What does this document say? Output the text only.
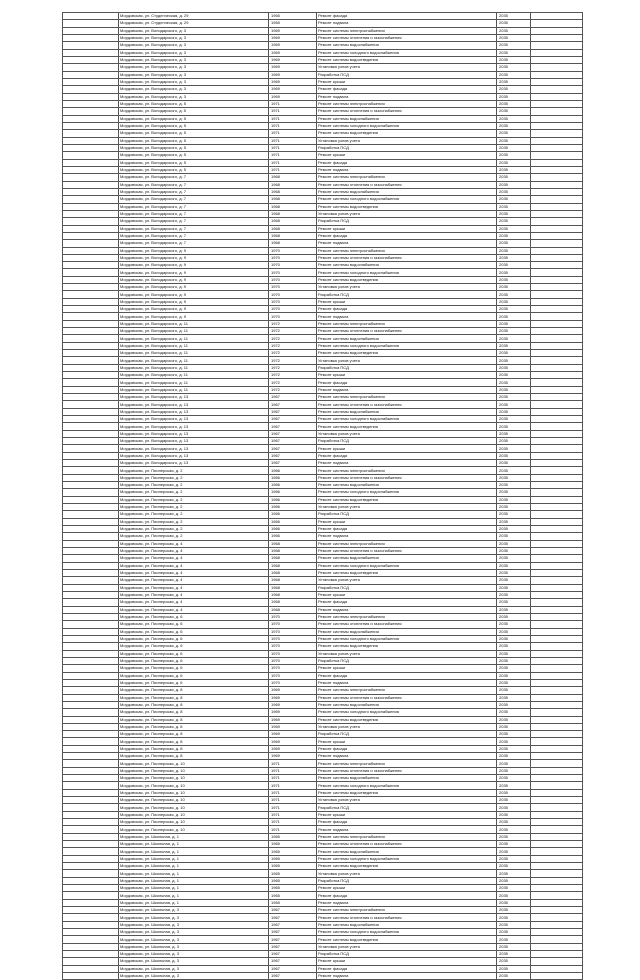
	Мордовская, ул. Студенческая, д. 29	1965	Ремонт фасада	2035	
	Мордовская, ул. Студенческая, д. 29	1965	Ремонт подвала	2035	
	Мордовская, ул. Володарского, д. 3	1969	Ремонт системы электроснабжения	2035	
	Мордовская, ул. Володарского, д. 3	1969	Ремонт системы отопления и газоснабжения	2035	
	Мордовская, ул. Володарского, д. 3	1969	Ремонт системы водоснабжения	2035	
	Мордовская, ул. Володарского, д. 3	1969	Ремонт системы холодного водоснабжения	2035	
	Мордовская, ул. Володарского, д. 3	1969	Ремонт системы водоотведения	2035	
	Мордовская, ул. Володарского, д. 3	1969	Установка узлов учета	2035	
	Мордовская, ул. Володарского, д. 3	1969	Разработка ПСД	2035	
	Мордовская, ул. Володарского, д. 3	1969	Ремонт крыши	2035	
	Мордовская, ул. Володарского, д. 3	1969	Ремонт фасада	2035	
	Мордовская, ул. Володарского, д. 3	1969	Ремонт подвала	2035	
	Мордовская, ул. Володарского, д. 5	1971	Ремонт системы электроснабжения	2035	
	Мордовская, ул. Володарского, д. 5	1971	Ремонт системы отопления и газоснабжения	2035	
	Мордовская, ул. Володарского, д. 5	1971	Ремонт системы водоснабжения	2035	
	Мордовская, ул. Володарского, д. 5	1971	Ремонт системы холодного водоснабжения	2035	
	Мордовская, ул. Володарского, д. 5	1971	Ремонт системы водоотведения	2035	
	Мордовская, ул. Володарского, д. 5	1971	Установка узлов учета	2035	
	Мордовская, ул. Володарского, д. 5	1971	Разработка ПСД	2035	
	Мордовская, ул. Володарского, д. 5	1971	Ремонт крыши	2035	
	Мордовская, ул. Володарского, д. 5	1971	Ремонт фасада	2035	
	Мордовская, ул. Володарского, д. 5	1971	Ремонт подвала	2035	
	Мордовская, ул. Володарского, д. 7	1968	Ремонт системы электроснабжения	2035	
	Мордовская, ул. Володарского, д. 7	1968	Ремонт системы отопления и газоснабжения	2035	
	Мордовская, ул. Володарского, д. 7	1968	Ремонт системы водоснабжения	2035	
	Мордовская, ул. Володарского, д. 7	1968	Ремонт системы холодного водоснабжения	2035	
	Мордовская, ул. Володарского, д. 7	1968	Ремонт системы водоотведения	2035	
	Мордовская, ул. Володарского, д. 7	1968	Установка узлов учета	2035	
	Мордовская, ул. Володарского, д. 7	1968	Разработка ПСД	2035	
	Мордовская, ул. Володарского, д. 7	1968	Ремонт крыши	2035	
	Мордовская, ул. Володарского, д. 7	1968	Ремонт фасада	2035	
	Мордовская, ул. Володарского, д. 7	1968	Ремонт подвала	2035	
	Мордовская, ул. Володарского, д. 9	1970	Ремонт системы электроснабжения	2035	
	Мордовская, ул. Володарского, д. 9	1970	Ремонт системы отопления и газоснабжения	2035	
	Мордовская, ул. Володарского, д. 9	1970	Ремонт системы водоснабжения	2035	
	Мордовская, ул. Володарского, д. 9	1970	Ремонт системы холодного водоснабжения	2035	
	Мордовская, ул. Володарского, д. 9	1970	Ремонт системы водоотведения	2035	
	Мордовская, ул. Володарского, д. 9	1970	Установка узлов учета	2035	
	Мордовская, ул. Володарского, д. 9	1970	Разработка ПСД	2035	
	Мордовская, ул. Володарского, д. 9	1970	Ремонт крыши	2035	
	Мордовская, ул. Володарского, д. 9	1970	Ремонт фасада	2035	
	Мордовская, ул. Володарского, д. 9	1970	Ремонт подвала	2035	
	Мордовская, ул. Володарского, д. 11	1972	Ремонт системы электроснабжения	2035	
	Мордовская, ул. Володарского, д. 11	1972	Ремонт системы отопления и газоснабжения	2035	
	Мордовская, ул. Володарского, д. 11	1972	Ремонт системы водоснабжения	2035	
	Мордовская, ул. Володарского, д. 11	1972	Ремонт системы холодного водоснабжения	2035	
	Мордовская, ул. Володарского, д. 11	1972	Ремонт системы водоотведения	2035	
	Мордовская, ул. Володарского, д. 11	1972	Установка узлов учета	2035	
	Мордовская, ул. Володарского, д. 11	1972	Разработка ПСД	2035	
	Мордовская, ул. Володарского, д. 11	1972	Ремонт крыши	2035	
	Мордовская, ул. Володарского, д. 11	1972	Ремонт фасада	2035	
	Мордовская, ул. Володарского, д. 11	1972	Ремонт подвала	2035	
	Мордовская, ул. Володарского, д. 13	1967	Ремонт системы электроснабжения	2035	
	Мордовская, ул. Володарского, д. 13	1967	Ремонт системы отопления и газоснабжения	2035	
	Мордовская, ул. Володарского, д. 13	1967	Ремонт системы водоснабжения	2035	
	Мордовская, ул. Володарского, д. 13	1967	Ремонт системы холодного водоснабжения	2035	
	Мордовская, ул. Володарского, д. 13	1967	Ремонт системы водоотведения	2035	
	Мордовская, ул. Володарского, д. 13	1967	Установка узлов учета	2035	
	Мордовская, ул. Володарского, д. 13	1967	Разработка ПСД	2035	
	Мордовская, ул. Володарского, д. 13	1967	Ремонт крыши	2035	
	Мордовская, ул. Володарского, д. 13	1967	Ремонт фасада	2035	
	Мордовская, ул. Володарского, д. 13	1967	Ремонт подвала	2035	
	Мордовская, ул. Пионерская, д. 2	1966	Ремонт системы электроснабжения	2035	
	Мордовская, ул. Пионерская, д. 2	1966	Ремонт системы отопления и газоснабжения	2035	
	Мордовская, ул. Пионерская, д. 2	1966	Ремонт системы водоснабжения	2035	
	Мордовская, ул. Пионерская, д. 2	1966	Ремонт системы холодного водоснабжения	2035	
	Мордовская, ул. Пионерская, д. 2	1966	Ремонт системы водоотведения	2035	
	Мордовская, ул. Пионерская, д. 2	1966	Установка узлов учета	2035	
	Мордовская, ул. Пионерская, д. 2	1966	Разработка ПСД	2035	
	Мордовская, ул. Пионерская, д. 2	1966	Ремонт крыши	2035	
	Мордовская, ул. Пионерская, д. 2	1966	Ремонт фасада	2035	
	Мордовская, ул. Пионерская, д. 2	1966	Ремонт подвала	2035	
	Мордовская, ул. Пионерская, д. 4	1968	Ремонт системы электроснабжения	2035	
	Мордовская, ул. Пионерская, д. 4	1968	Ремонт системы отопления и газоснабжения	2035	
	Мордовская, ул. Пионерская, д. 4	1968	Ремонт системы водоснабжения	2035	
	Мордовская, ул. Пионерская, д. 4	1968	Ремонт системы холодного водоснабжения	2035	
	Мордовская, ул. Пионерская, д. 4	1968	Ремонт системы водоотведения	2035	
	Мордовская, ул. Пионерская, д. 4	1968	Установка узлов учета	2035	
	Мордовская, ул. Пионерская, д. 4	1968	Разработка ПСД	2035	
	Мордовская, ул. Пионерская, д. 4	1968	Ремонт крыши	2035	
	Мордовская, ул. Пионерская, д. 4	1968	Ремонт фасада	2035	
	Мордовская, ул. Пионерская, д. 4	1968	Ремонт подвала	2035	
	Мордовская, ул. Пионерская, д. 6	1970	Ремонт системы электроснабжения	2035	
	Мордовская, ул. Пионерская, д. 6	1970	Ремонт системы отопления и газоснабжения	2035	
	Мордовская, ул. Пионерская, д. 6	1970	Ремонт системы водоснабжения	2035	
	Мордовская, ул. Пионерская, д. 6	1970	Ремонт системы холодного водоснабжения	2035	
	Мордовская, ул. Пионерская, д. 6	1970	Ремонт системы водоотведения	2035	
	Мордовская, ул. Пионерская, д. 6	1970	Установка узлов учета	2035	
	Мордовская, ул. Пионерская, д. 6	1970	Разработка ПСД	2035	
	Мордовская, ул. Пионерская, д. 6	1970	Ремонт крыши	2035	
	Мордовская, ул. Пионерская, д. 6	1970	Ремонт фасада	2035	
	Мордовская, ул. Пионерская, д. 6	1970	Ремонт подвала	2035	
	Мордовская, ул. Пионерская, д. 8	1969	Ремонт системы электроснабжения	2035	
	Мордовская, ул. Пионерская, д. 8	1969	Ремонт системы отопления и газоснабжения	2035	
	Мордовская, ул. Пионерская, д. 8	1969	Ремонт системы водоснабжения	2035	
	Мордовская, ул. Пионерская, д. 8	1969	Ремонт системы холодного водоснабжения	2035	
	Мордовская, ул. Пионерская, д. 8	1969	Ремонт системы водоотведения	2035	
	Мордовская, ул. Пионерская, д. 8	1969	Установка узлов учета	2035	
	Мордовская, ул. Пионерская, д. 8	1969	Разработка ПСД	2035	
	Мордовская, ул. Пионерская, д. 8	1969	Ремонт крыши	2035	
	Мордовская, ул. Пионерская, д. 8	1969	Ремонт фасада	2035	
	Мордовская, ул. Пионерская, д. 8	1969	Ремонт подвала	2035	
	Мордовская, ул. Пионерская, д. 10	1971	Ремонт системы электроснабжения	2035	
	Мордовская, ул. Пионерская, д. 10	1971	Ремонт системы отопления и газоснабжения	2035	
	Мордовская, ул. Пионерская, д. 10	1971	Ремонт системы водоснабжения	2035	
	Мордовская, ул. Пионерская, д. 10	1971	Ремонт системы холодного водоснабжения	2035	
	Мордовская, ул. Пионерская, д. 10	1971	Ремонт системы водоотведения	2035	
	Мордовская, ул. Пионерская, д. 10	1971	Установка узлов учета	2035	
	Мордовская, ул. Пионерская, д. 10	1971	Разработка ПСД	2035	
	Мордовская, ул. Пионерская, д. 10	1971	Ремонт крыши	2035	
	Мордовская, ул. Пионерская, д. 10	1971	Ремонт фасада	2035	
	Мордовская, ул. Пионерская, д. 10	1971	Ремонт подвала	2035	
	Мордовская, ул. Школьная, д. 1	1965	Ремонт системы электроснабжения	2035	
	Мордовская, ул. Школьная, д. 1	1965	Ремонт системы отопления и газоснабжения	2035	
	Мордовская, ул. Школьная, д. 1	1965	Ремонт системы водоснабжения	2035	
	Мордовская, ул. Школьная, д. 1	1965	Ремонт системы холодного водоснабжения	2035	
	Мордовская, ул. Школьная, д. 1	1965	Ремонт системы водоотведения	2035	
	Мордовская, ул. Школьная, д. 1	1965	Установка узлов учета	2035	
	Мордовская, ул. Школьная, д. 1	1965	Разработка ПСД	2035	
	Мордовская, ул. Школьная, д. 1	1965	Ремонт крыши	2035	
	Мордовская, ул. Школьная, д. 1	1965	Ремонт фасада	2035	
	Мордовская, ул. Школьная, д. 1	1965	Ремонт подвала	2035	
	Мордовская, ул. Школьная, д. 3	1967	Ремонт системы электроснабжения	2035	
	Мордовская, ул. Школьная, д. 3	1967	Ремонт системы отопления и газоснабжения	2035	
	Мордовская, ул. Школьная, д. 3	1967	Ремонт системы водоснабжения	2035	
	Мордовская, ул. Школьная, д. 3	1967	Ремонт системы холодного водоснабжения	2035	
	Мордовская, ул. Школьная, д. 3	1967	Ремонт системы водоотведения	2035	
	Мордовская, ул. Школьная, д. 3	1967	Установка узлов учета	2035	
	Мордовская, ул. Школьная, д. 3	1967	Разработка ПСД	2035	
	Мордовская, ул. Школьная, д. 3	1967	Ремонт крыши	2035	
	Мордовская, ул. Школьная, д. 3	1967	Ремонт фасада	2035	
	Мордовская, ул. Школьная, д. 3	1967	Ремонт подвала	2035	
